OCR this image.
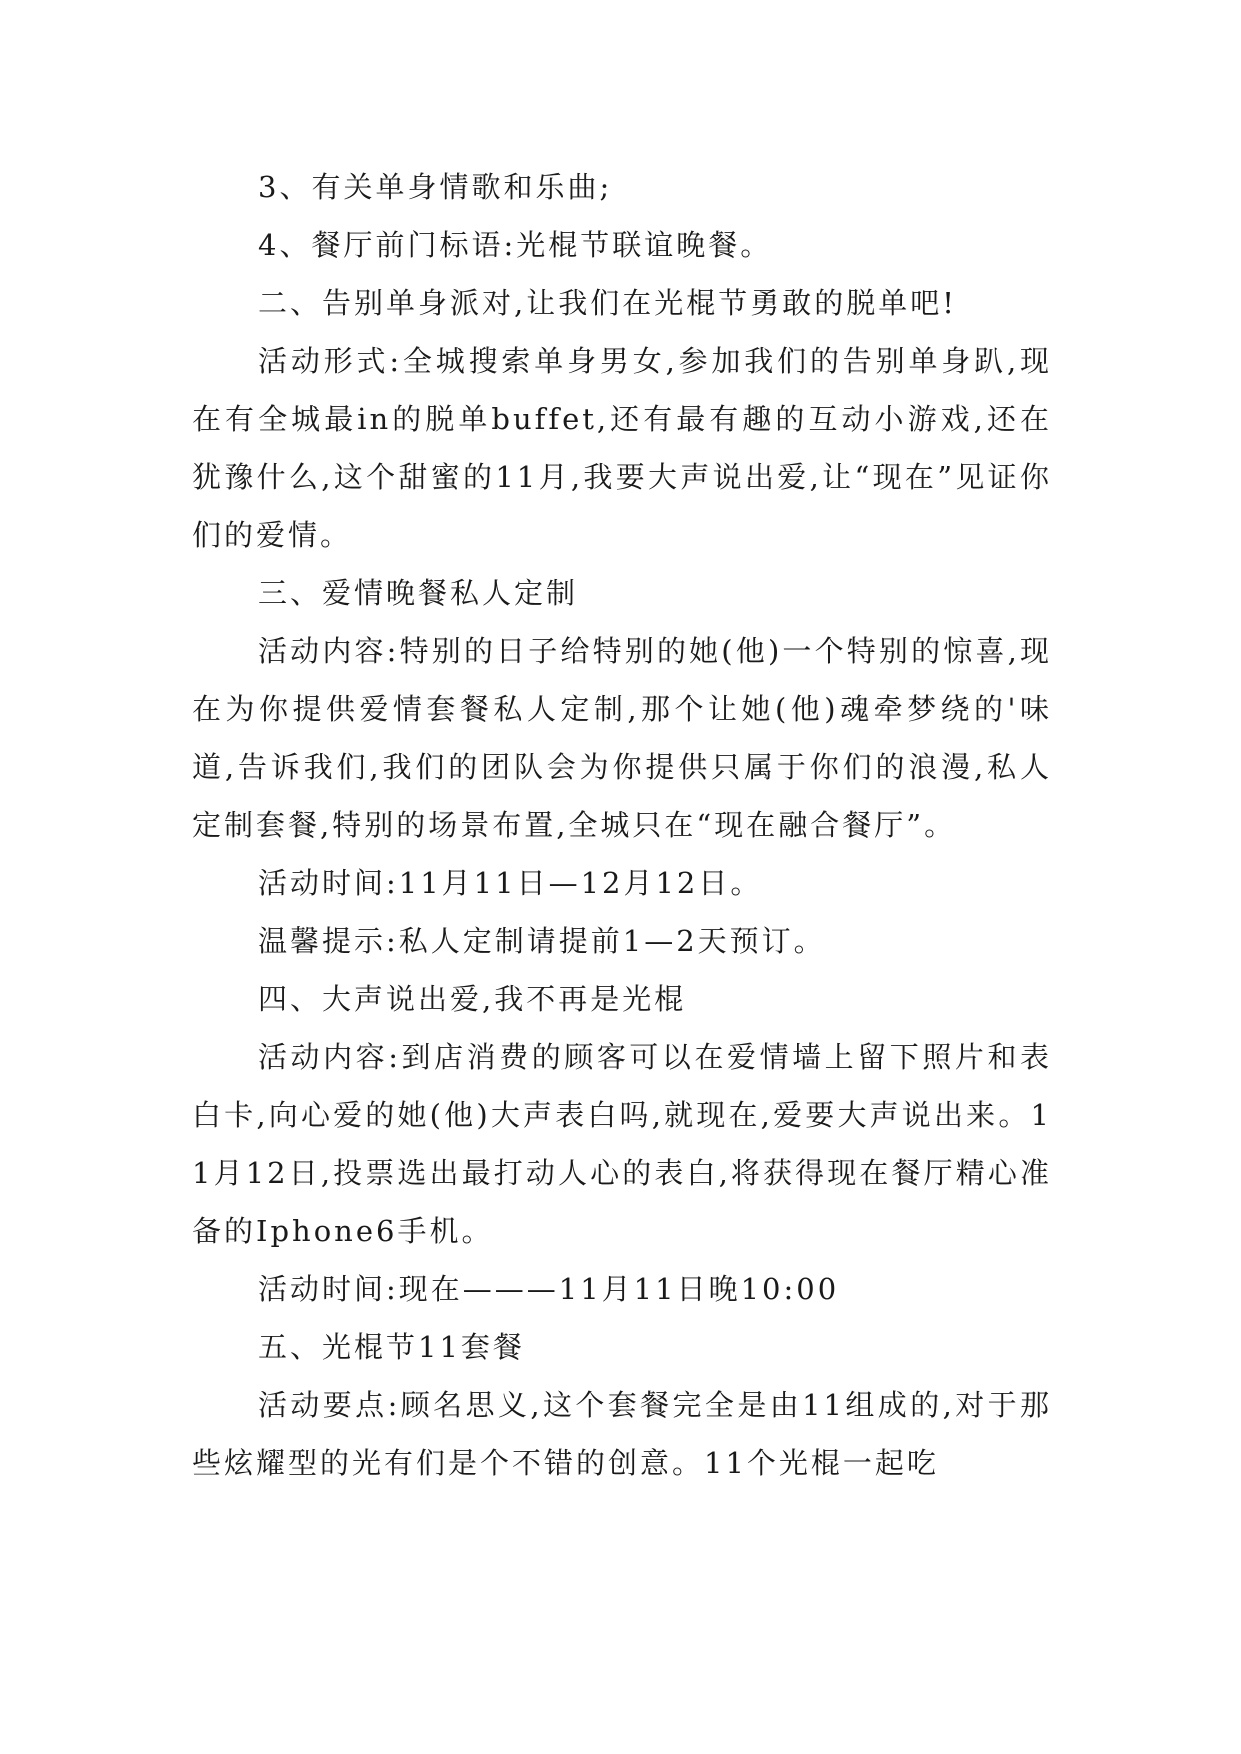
3、有关单身情歌和乐曲;

4、餐厅前门标语:光棍节联谊晚餐。

二、告别单身派对,让我们在光棍节勇敢的脱单吧!

活动形式:全城搜索单身男女,参加我们的告别单身趴,现在有全城最in的脱单buffet,还有最有趣的互动小游戏,还在犹豫什么,这个甜蜜的11月,我要大声说出爱,让“现在”见证你们的爱情。

三、爱情晚餐私人定制

活动内容:特别的日子给特别的她(他)一个特别的惊喜,现在为你提供爱情套餐私人定制,那个让她(他)魂牵梦绕的'味道,告诉我们,我们的团队会为你提供只属于你们的浪漫,私人定制套餐,特别的场景布置,全城只在“现在融合餐厅”。

活动时间:11月11日—12月12日。

温馨提示:私人定制请提前1—2天预订。

四、大声说出爱,我不再是光棍

活动内容:到店消费的顾客可以在爱情墙上留下照片和表白卡,向心爱的她(他)大声表白吗,就现在,爱要大声说出来。11月12日,投票选出最打动人心的表白,将获得现在餐厅精心准备的Iphone6手机。

活动时间:现在———11月11日晚10:00

五、光棍节11套餐

活动要点:顾名思义,这个套餐完全是由11组成的,对于那些炫耀型的光有们是个不错的创意。11个光棍一起吃
